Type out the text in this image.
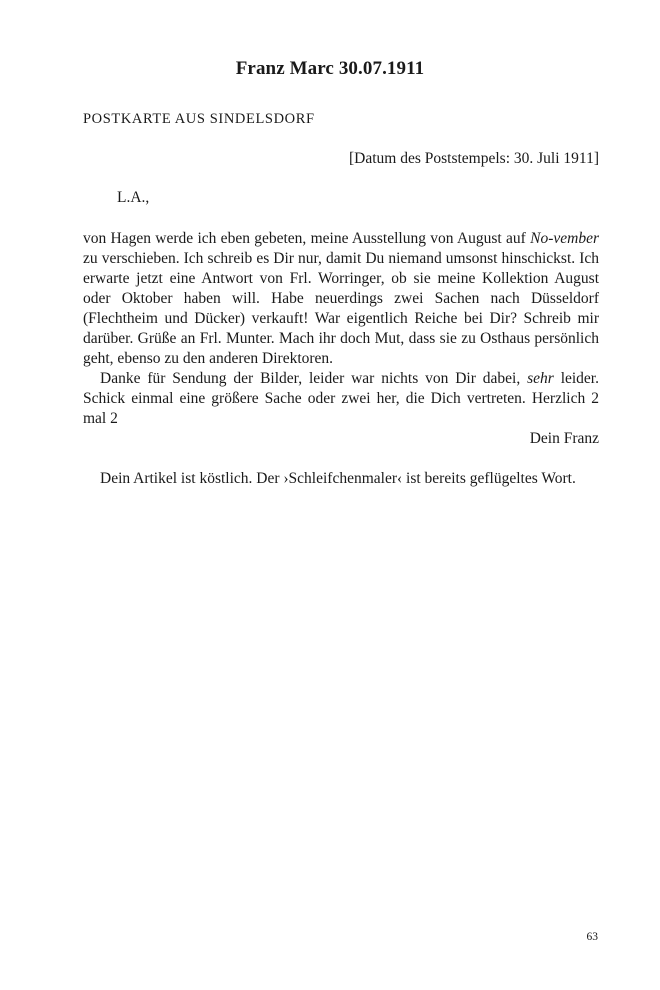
Franz Marc 30.07.1911
POSTKARTE AUS SINDELSDORF
[Datum des Poststempels: 30. Juli 1911]
L.A.,

von Hagen werde ich eben gebeten, meine Ausstellung von August auf No-vember zu verschieben. Ich schreib es Dir nur, damit Du niemand umsonst hinschickst. Ich erwarte jetzt eine Antwort von Frl. Worringer, ob sie meine Kollektion August oder Oktober haben will. Habe neuerdings zwei Sachen nach Düsseldorf (Flechtheim und Dücker) verkauft! War eigentlich Reiche bei Dir? Schreib mir darüber. Grüße an Frl. Munter. Mach ihr doch Mut, dass sie zu Osthaus persönlich geht, ebenso zu den anderen Direktoren.

Danke für Sendung der Bilder, leider war nichts von Dir dabei, sehr leider. Schick einmal eine größere Sache oder zwei her, die Dich vertreten. Herzlich 2 mal 2

Dein Franz

Dein Artikel ist köstlich. Der ›Schleifchenmaler‹ ist bereits geflügeltes Wort.

63
